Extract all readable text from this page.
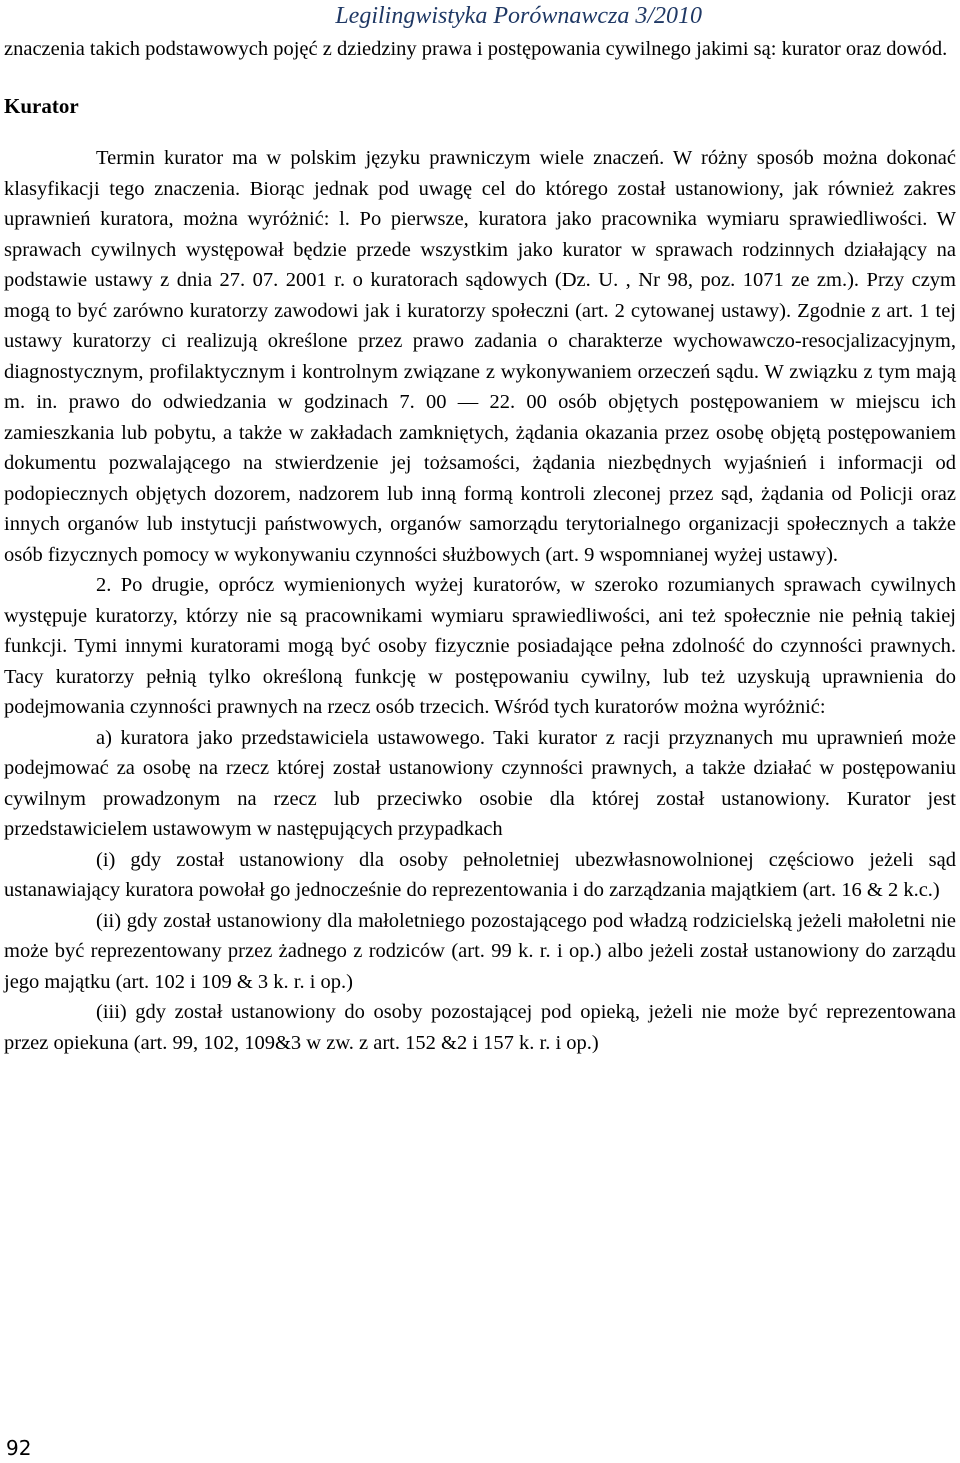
Legilingwistyka Porównawcza 3/2010

znaczenia takich podstawowych pojęć z dziedziny prawa i postępowania cywilnego jakimi są: kurator oraz dowód.

Kurator

Termin kurator ma w polskim języku prawniczym wiele znaczeń. W różny sposób można dokonać klasyfikacji tego znaczenia. Biorąc jednak pod uwagę cel do którego został ustanowiony, jak również zakres uprawnień kuratora, można wyróżnić: l. Po pierwsze, kuratora jako pracownika wymiaru sprawiedliwości. W sprawach cywilnych występował będzie przede wszystkim jako kurator w sprawach rodzinnych działający na podstawie ustawy z dnia 27. 07. 2001 r. o kuratorach sądowych (Dz. U. , Nr 98, poz. 1071 ze zm.). Przy czym mogą to być zarówno kuratorzy zawodowi jak i kuratorzy społeczni (art. 2 cytowanej ustawy). Zgodnie z art. 1 tej ustawy kuratorzy ci realizują określone przez prawo zadania o charakterze wychowawczo-resocjalizacyjnym, diagnostycznym, profilaktycznym i kontrolnym związane z wykonywaniem orzeczeń sądu. W związku z tym mają m. in. prawo do odwiedzania w godzinach 7. 00 — 22. 00 osób objętych postępowaniem w miejscu ich zamieszkania lub pobytu, a także w zakładach zamkniętych, żądania okazania przez osobę objętą postępowaniem dokumentu pozwalającego na stwierdzenie jej tożsamości, żądania niezbędnych wyjaśnień i informacji od podopiecznych objętych dozorem, nadzorem lub inną formą kontroli zleconej przez sąd, żądania od Policji oraz innych organów lub instytucji państwowych, organów samorządu terytorialnego organizacji społecznych a także osób fizycznych pomocy w wykonywaniu czynności służbowych (art. 9 wspomnianej wyżej ustawy).

2. Po drugie, oprócz wymienionych wyżej kuratorów, w szeroko rozumianych sprawach cywilnych występuje kuratorzy, którzy nie są pracownikami wymiaru sprawiedliwości, ani też społecznie nie pełnią takiej funkcji. Tymi innymi kuratorami mogą być osoby fizycznie posiadające pełna zdolność do czynności prawnych. Tacy kuratorzy pełnią tylko określoną funkcję w postępowaniu cywilny, lub też uzyskują uprawnienia do podejmowania czynności prawnych na rzecz osób trzecich. Wśród tych kuratorów można wyróżnić:

a) kuratora jako przedstawiciela ustawowego. Taki kurator z racji przyznanych mu uprawnień może podejmować za osobę na rzecz której został ustanowiony czynności prawnych, a także działać w postępowaniu cywilnym prowadzonym na rzecz lub przeciwko osobie dla której został ustanowiony. Kurator jest przedstawicielem ustawowym w następujących przypadkach

(i) gdy został ustanowiony dla osoby pełnoletniej ubezwłasnowolnionej częściowo jeżeli sąd ustanawiający kuratora powołał go jednocześnie do reprezentowania i do zarządzania majątkiem (art. 16 & 2 k.c.)

(ii) gdy został ustanowiony dla małoletniego pozostającego pod władzą rodzicielską jeżeli małoletni nie może być reprezentowany przez żadnego z rodziców (art. 99 k. r. i op.) albo jeżeli został ustanowiony do zarządu jego majątku (art. 102 i 109 & 3 k. r. i op.)

(iii) gdy został ustanowiony do osoby pozostającej pod opieką, jeżeli nie może być reprezentowana przez opiekuna (art. 99, 102, 109&3 w zw. z art. 152 &2 i 157 k. r. i op.)

92
